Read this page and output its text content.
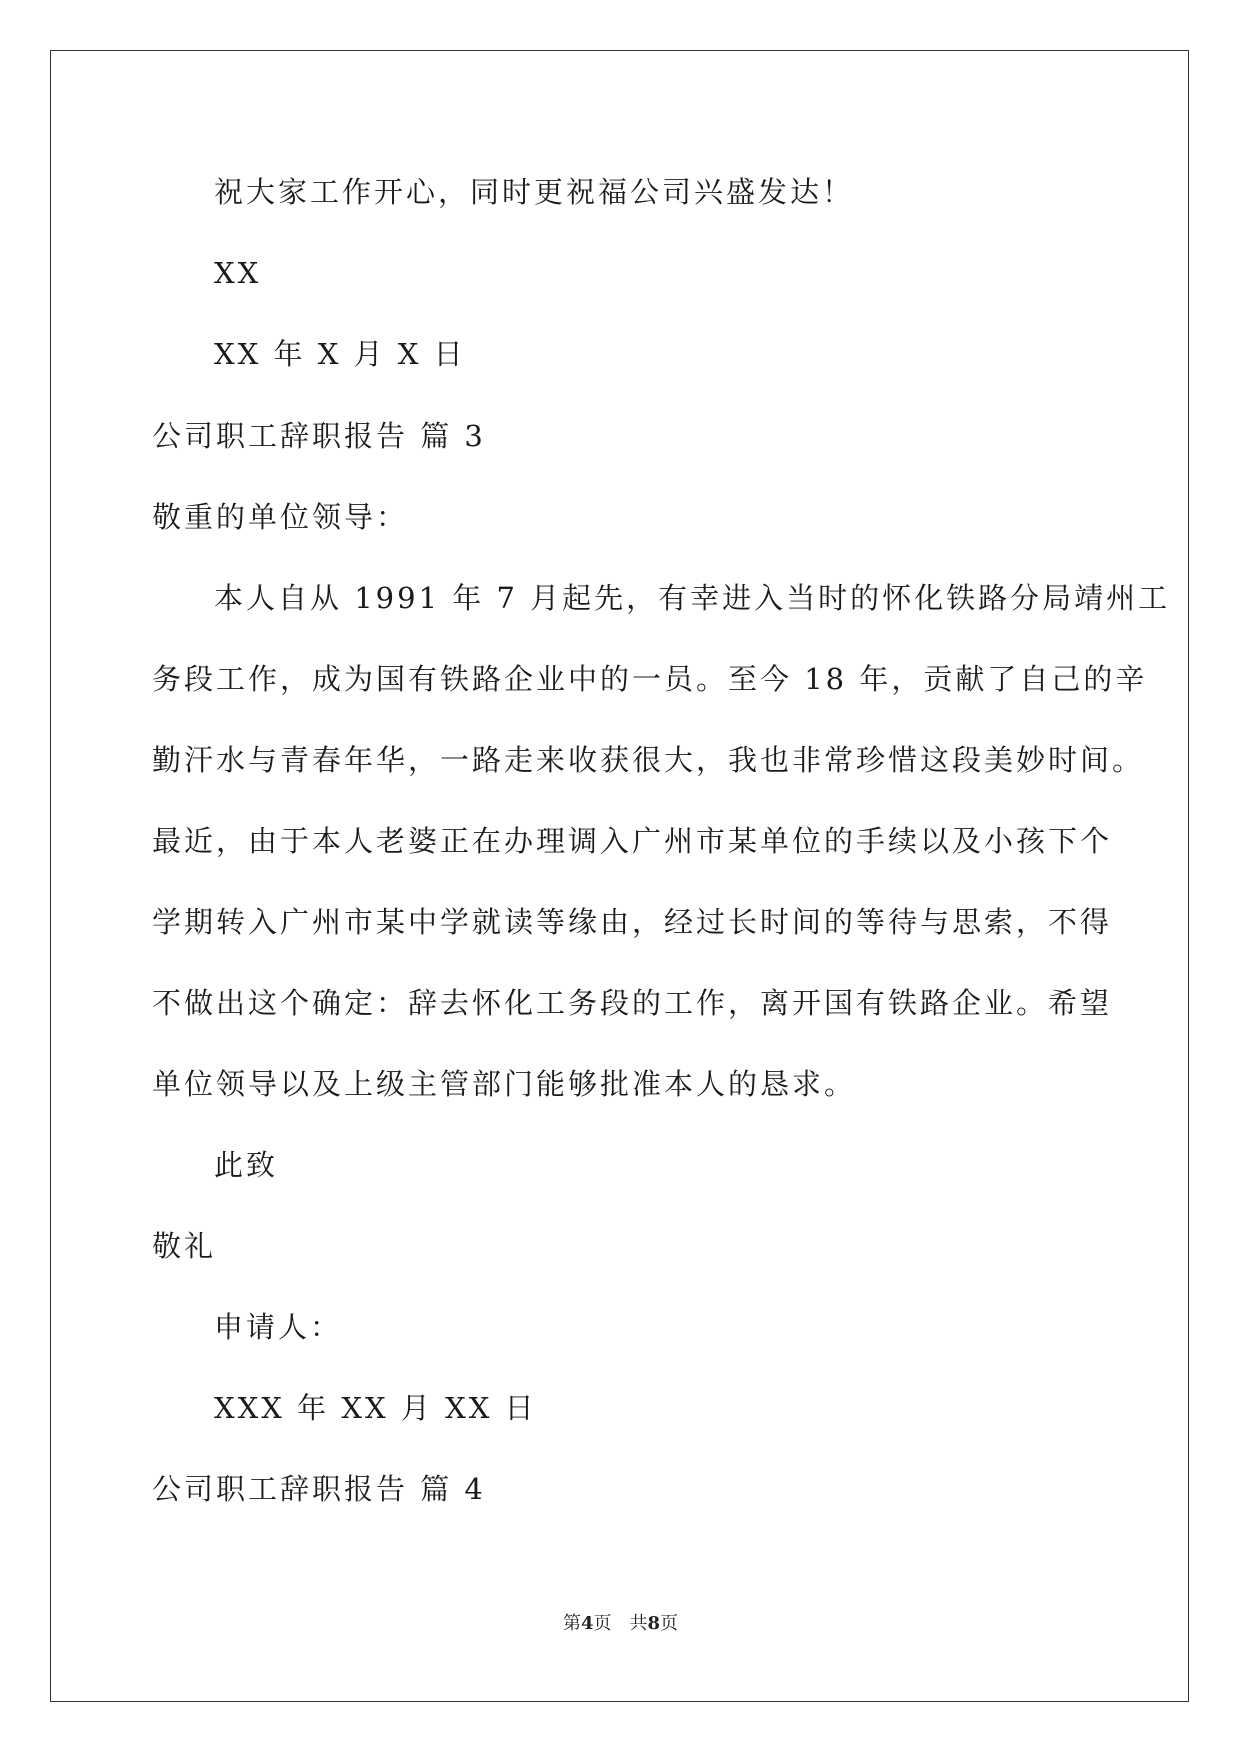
祝大家工作开心，同时更祝福公司兴盛发达！
XX
XX 年 X 月 X 日
公司职工辞职报告 篇 3
敬重的单位领导：
本人自从 1991 年 7 月起先，有幸进入当时的怀化铁路分局靖州工
务段工作，成为国有铁路企业中的一员。至今 18 年，贡献了自己的辛
勤汗水与青春年华，一路走来收获很大，我也非常珍惜这段美妙时间。
最近，由于本人老婆正在办理调入广州市某单位的手续以及小孩下个
学期转入广州市某中学就读等缘由，经过长时间的等待与思索，不得
不做出这个确定：辞去怀化工务段的工作，离开国有铁路企业。希望
单位领导以及上级主管部门能够批准本人的恳求。
此致
敬礼
申请人：
XXX 年 XX 月 XX 日
公司职工辞职报告 篇 4
第4页　共8页
